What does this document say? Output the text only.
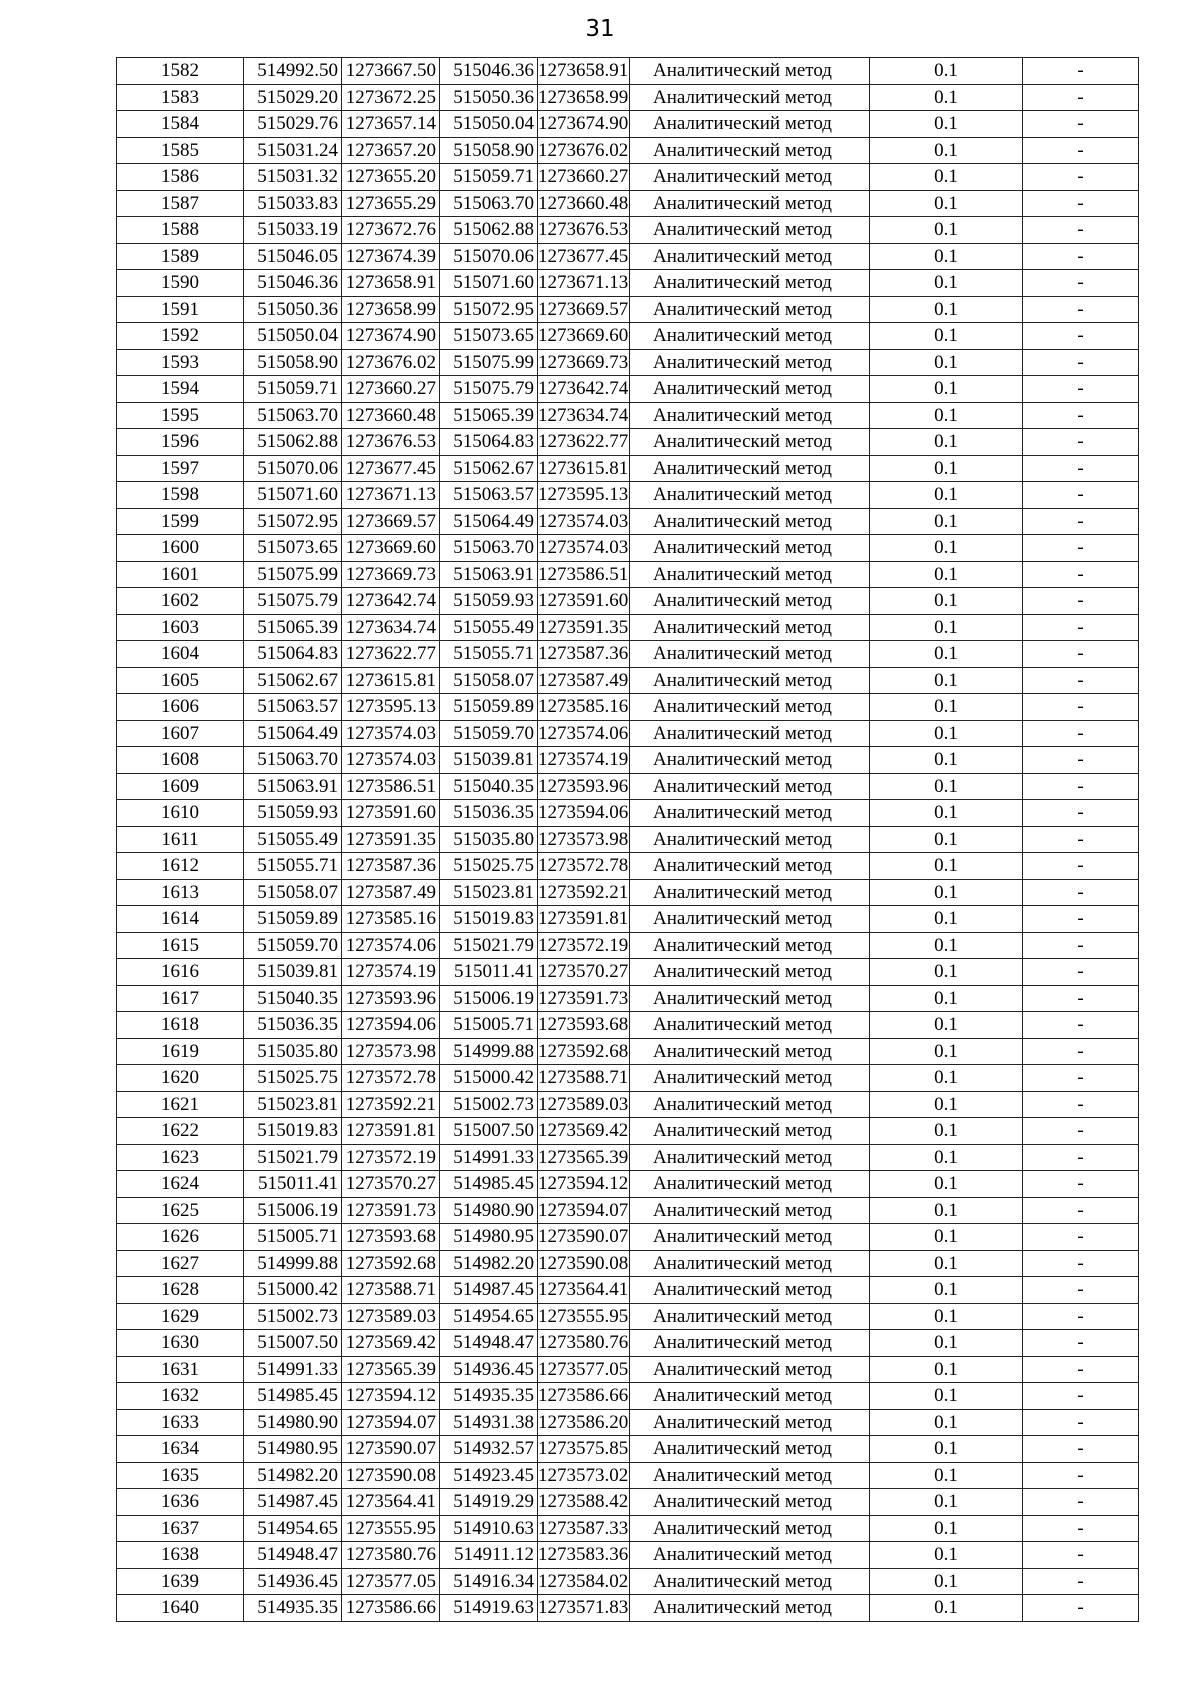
31
1582	514992.50	1273667.50	515046.36	1273658.91	Аналитический метод	0.1	-
1583	515029.20	1273672.25	515050.36	1273658.99	Аналитический метод	0.1	-
1584	515029.76	1273657.14	515050.04	1273674.90	Аналитический метод	0.1	-
1585	515031.24	1273657.20	515058.90	1273676.02	Аналитический метод	0.1	-
1586	515031.32	1273655.20	515059.71	1273660.27	Аналитический метод	0.1	-
1587	515033.83	1273655.29	515063.70	1273660.48	Аналитический метод	0.1	-
1588	515033.19	1273672.76	515062.88	1273676.53	Аналитический метод	0.1	-
1589	515046.05	1273674.39	515070.06	1273677.45	Аналитический метод	0.1	-
1590	515046.36	1273658.91	515071.60	1273671.13	Аналитический метод	0.1	-
1591	515050.36	1273658.99	515072.95	1273669.57	Аналитический метод	0.1	-
1592	515050.04	1273674.90	515073.65	1273669.60	Аналитический метод	0.1	-
1593	515058.90	1273676.02	515075.99	1273669.73	Аналитический метод	0.1	-
1594	515059.71	1273660.27	515075.79	1273642.74	Аналитический метод	0.1	-
1595	515063.70	1273660.48	515065.39	1273634.74	Аналитический метод	0.1	-
1596	515062.88	1273676.53	515064.83	1273622.77	Аналитический метод	0.1	-
1597	515070.06	1273677.45	515062.67	1273615.81	Аналитический метод	0.1	-
1598	515071.60	1273671.13	515063.57	1273595.13	Аналитический метод	0.1	-
1599	515072.95	1273669.57	515064.49	1273574.03	Аналитический метод	0.1	-
1600	515073.65	1273669.60	515063.70	1273574.03	Аналитический метод	0.1	-
1601	515075.99	1273669.73	515063.91	1273586.51	Аналитический метод	0.1	-
1602	515075.79	1273642.74	515059.93	1273591.60	Аналитический метод	0.1	-
1603	515065.39	1273634.74	515055.49	1273591.35	Аналитический метод	0.1	-
1604	515064.83	1273622.77	515055.71	1273587.36	Аналитический метод	0.1	-
1605	515062.67	1273615.81	515058.07	1273587.49	Аналитический метод	0.1	-
1606	515063.57	1273595.13	515059.89	1273585.16	Аналитический метод	0.1	-
1607	515064.49	1273574.03	515059.70	1273574.06	Аналитический метод	0.1	-
1608	515063.70	1273574.03	515039.81	1273574.19	Аналитический метод	0.1	-
1609	515063.91	1273586.51	515040.35	1273593.96	Аналитический метод	0.1	-
1610	515059.93	1273591.60	515036.35	1273594.06	Аналитический метод	0.1	-
1611	515055.49	1273591.35	515035.80	1273573.98	Аналитический метод	0.1	-
1612	515055.71	1273587.36	515025.75	1273572.78	Аналитический метод	0.1	-
1613	515058.07	1273587.49	515023.81	1273592.21	Аналитический метод	0.1	-
1614	515059.89	1273585.16	515019.83	1273591.81	Аналитический метод	0.1	-
1615	515059.70	1273574.06	515021.79	1273572.19	Аналитический метод	0.1	-
1616	515039.81	1273574.19	515011.41	1273570.27	Аналитический метод	0.1	-
1617	515040.35	1273593.96	515006.19	1273591.73	Аналитический метод	0.1	-
1618	515036.35	1273594.06	515005.71	1273593.68	Аналитический метод	0.1	-
1619	515035.80	1273573.98	514999.88	1273592.68	Аналитический метод	0.1	-
1620	515025.75	1273572.78	515000.42	1273588.71	Аналитический метод	0.1	-
1621	515023.81	1273592.21	515002.73	1273589.03	Аналитический метод	0.1	-
1622	515019.83	1273591.81	515007.50	1273569.42	Аналитический метод	0.1	-
1623	515021.79	1273572.19	514991.33	1273565.39	Аналитический метод	0.1	-
1624	515011.41	1273570.27	514985.45	1273594.12	Аналитический метод	0.1	-
1625	515006.19	1273591.73	514980.90	1273594.07	Аналитический метод	0.1	-
1626	515005.71	1273593.68	514980.95	1273590.07	Аналитический метод	0.1	-
1627	514999.88	1273592.68	514982.20	1273590.08	Аналитический метод	0.1	-
1628	515000.42	1273588.71	514987.45	1273564.41	Аналитический метод	0.1	-
1629	515002.73	1273589.03	514954.65	1273555.95	Аналитический метод	0.1	-
1630	515007.50	1273569.42	514948.47	1273580.76	Аналитический метод	0.1	-
1631	514991.33	1273565.39	514936.45	1273577.05	Аналитический метод	0.1	-
1632	514985.45	1273594.12	514935.35	1273586.66	Аналитический метод	0.1	-
1633	514980.90	1273594.07	514931.38	1273586.20	Аналитический метод	0.1	-
1634	514980.95	1273590.07	514932.57	1273575.85	Аналитический метод	0.1	-
1635	514982.20	1273590.08	514923.45	1273573.02	Аналитический метод	0.1	-
1636	514987.45	1273564.41	514919.29	1273588.42	Аналитический метод	0.1	-
1637	514954.65	1273555.95	514910.63	1273587.33	Аналитический метод	0.1	-
1638	514948.47	1273580.76	514911.12	1273583.36	Аналитический метод	0.1	-
1639	514936.45	1273577.05	514916.34	1273584.02	Аналитический метод	0.1	-
1640	514935.35	1273586.66	514919.63	1273571.83	Аналитический метод	0.1	-
